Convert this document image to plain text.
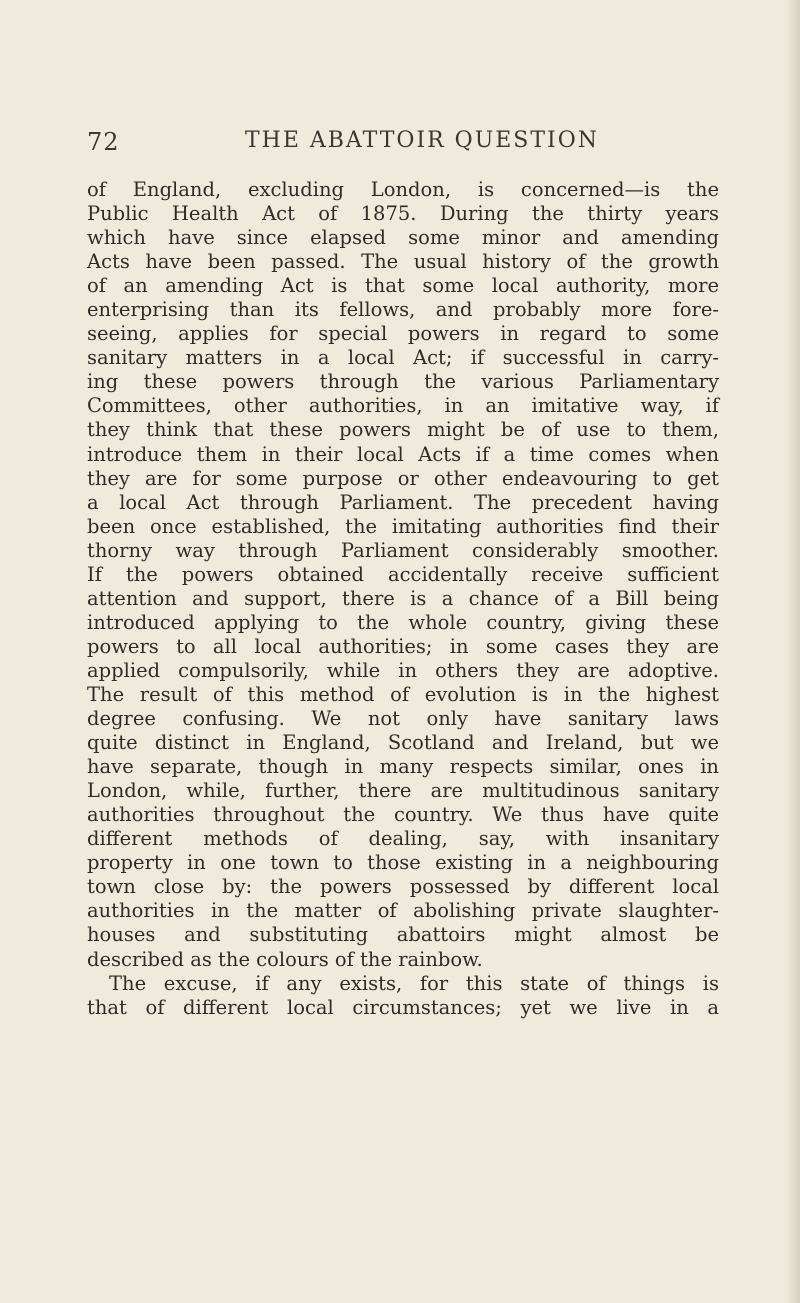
72	THE ABATTOIR QUESTION
of England, excluding London, is concerned—is the
Public Health Act of 1875. During the thirty years
which have since elapsed some minor and amending
Acts have been passed. The usual history of the growth
of an amending Act is that some local authority, more
enterprising than its fellows, and probably more fore-
seeing, applies for special powers in regard to some
sanitary matters in a local Act; if successful in carry-
ing these powers through the various Parliamentary
Committees, other authorities, in an imitative way, if
they think that these powers might be of use to them,
introduce them in their local Acts if a time comes when
they are for some purpose or other endeavouring to get
a local Act through Parliament. The precedent having
been once established, the imitating authorities find their
thorny way through Parliament considerably smoother.
If the powers obtained accidentally receive sufficient
attention and support, there is a chance of a Bill being
introduced applying to the whole country, giving these
powers to all local authorities; in some cases they are
applied compulsorily, while in others they are adoptive.
The result of this method of evolution is in the highest
degree confusing. We not only have sanitary laws
quite distinct in England, Scotland and Ireland, but we
have separate, though in many respects similar, ones in
London, while, further, there are multitudinous sanitary
authorities throughout the country. We thus have quite
different methods of dealing, say, with insanitary
property in one town to those existing in a neighbouring
town close by: the powers possessed by different local
authorities in the matter of abolishing private slaughter-
houses and substituting abattoirs might almost be
described as the colours of the rainbow.
The excuse, if any exists, for this state of things is
that of different local circumstances; yet we live in a
